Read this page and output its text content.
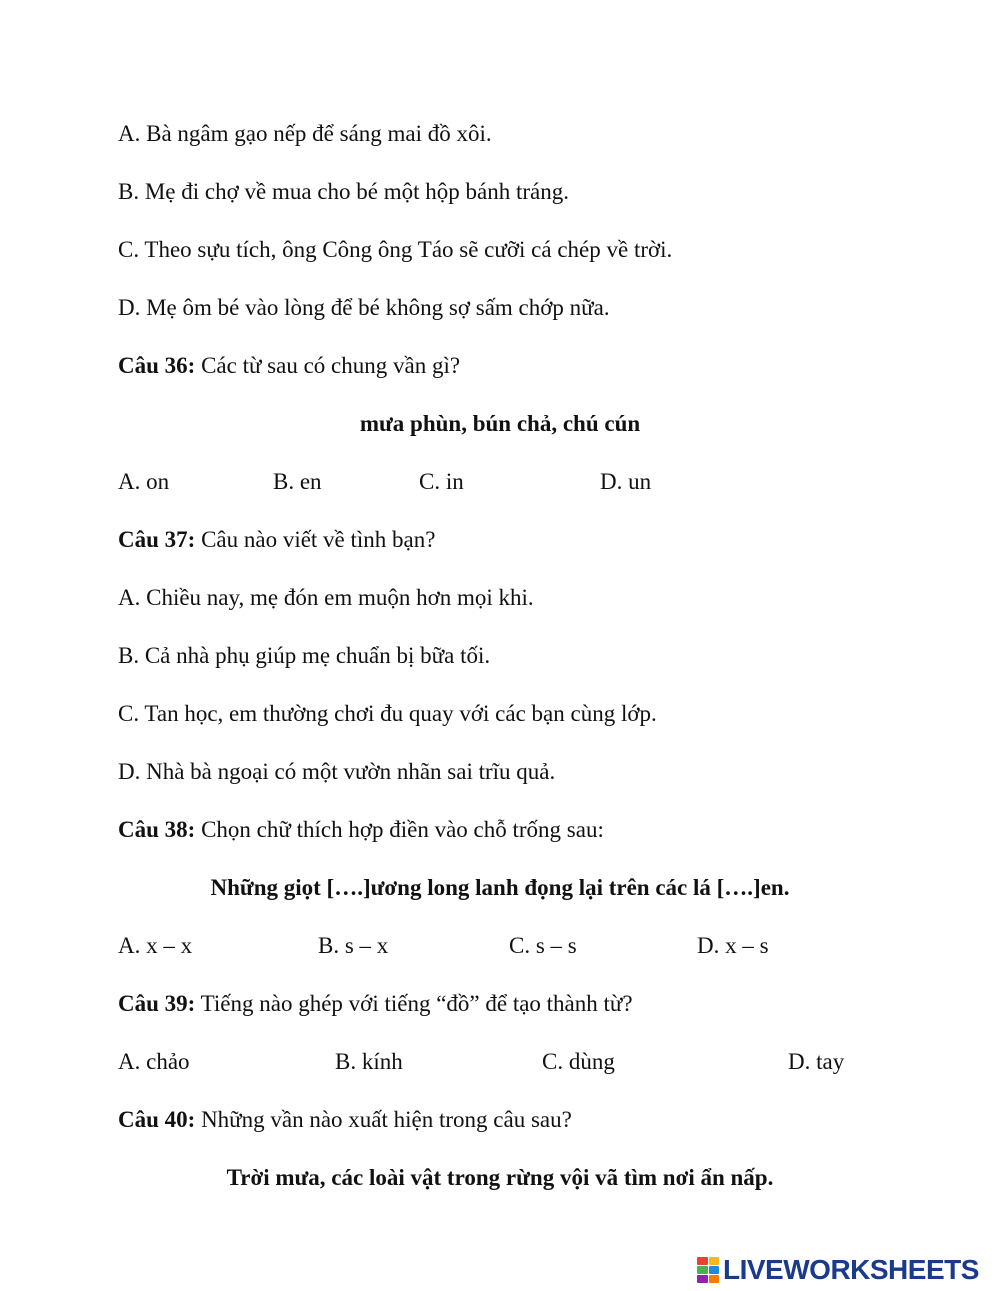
A. Bà ngâm gạo nếp để sáng mai đồ xôi.
B. Mẹ đi chợ về mua cho bé một hộp bánh tráng.
C. Theo sựu tích, ông Công ông Táo sẽ cưỡi cá chép về trời.
D. Mẹ ôm bé vào lòng để bé không sợ sấm chớp nữa.
Câu 36: Các từ sau có chung vần gì?
mưa phùn, bún chả, chú cún
A. on	B. en	C. in	D. un
Câu 37: Câu nào viết về tình bạn?
A. Chiều nay, mẹ đón em muộn hơn mọi khi.
B. Cả nhà phụ giúp mẹ chuẩn bị bữa tối.
C. Tan học, em thường chơi đu quay với các bạn cùng lớp.
D. Nhà bà ngoại có một vườn nhãn sai trĩu quả.
Câu 38: Chọn chữ thích hợp điền vào chỗ trống sau:
Những giọt [….]ương long lanh đọng lại trên các lá [….]en.
A. x – x	B. s – x	C. s – s	D. x – s
Câu 39: Tiếng nào ghép với tiếng “đồ” để tạo thành từ?
A. chảo	B. kính	C. dùng	D. tay
Câu 40: Những vần nào xuất hiện trong câu sau?
Trời mưa, các loài vật trong rừng vội vã tìm nơi ẩn nấp.
LIVEWORKSHEETS
